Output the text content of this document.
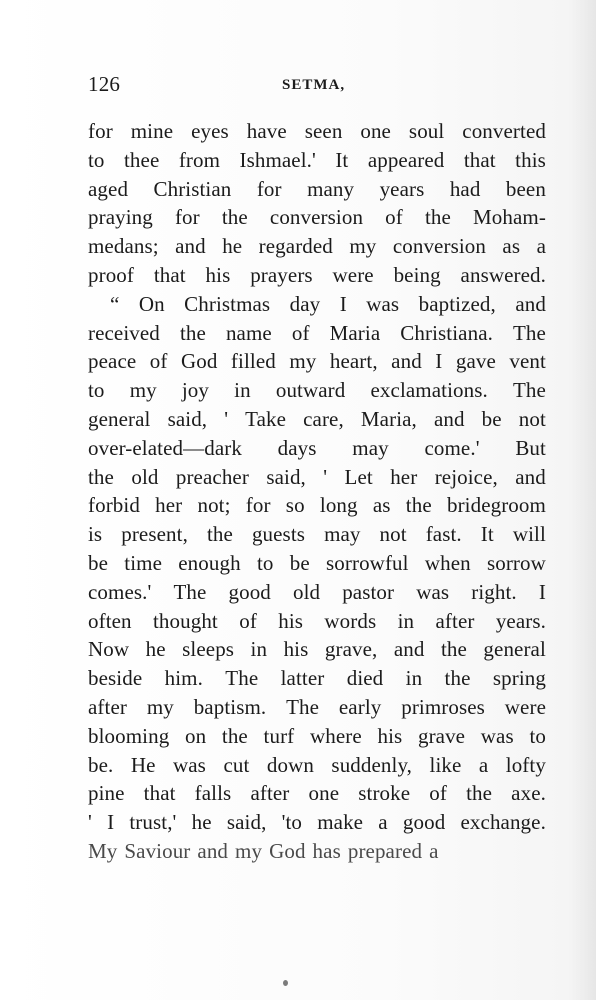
126	SETMA,
for mine eyes have seen one soul converted
to thee from Ishmael.' It appeared that this
aged Christian for many years had been
praying for the conversion of the Moham-
medans; and he regarded my conversion as a
proof that his prayers were being answered.
“ On Christmas day I was baptized, and
received the name of Maria Christiana. The
peace of God filled my heart, and I gave vent
to my joy in outward exclamations. The
general said, ' Take care, Maria, and be not
over-elated—dark days may come.' But
the old preacher said, ' Let her rejoice, and
forbid her not; for so long as the bridegroom
is present, the guests may not fast. It will
be time enough to be sorrowful when sorrow
comes.' The good old pastor was right. I
often thought of his words in after years.
Now he sleeps in his grave, and the general
beside him. The latter died in the spring
after my baptism. The early primroses were
blooming on the turf where his grave was to
be. He was cut down suddenly, like a lofty
pine that falls after one stroke of the axe.
' I trust,' he said, 'to make a good exchange.
My Saviour and my God has prepared a
